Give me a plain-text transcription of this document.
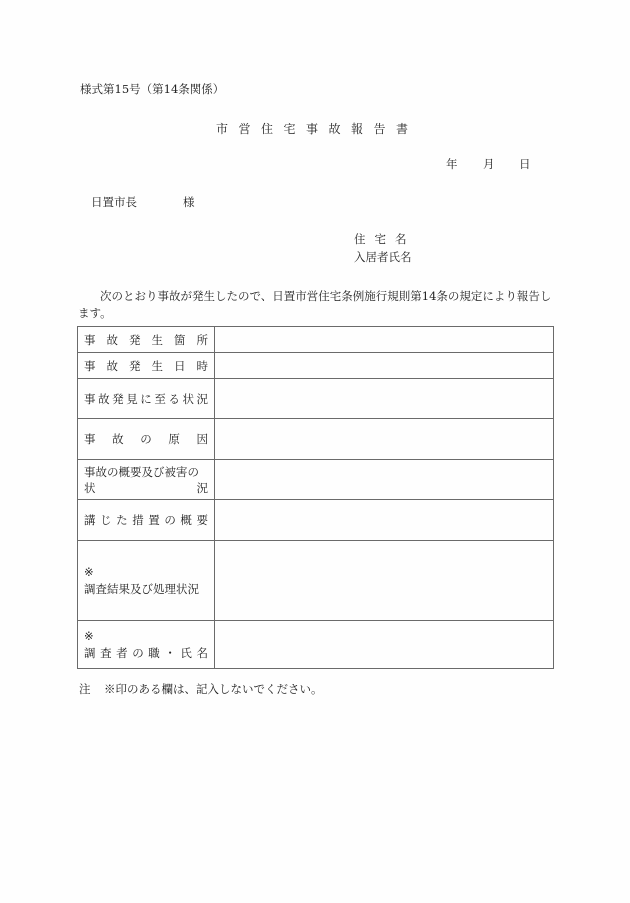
様式第15号（第14条関係）
市営住宅事故報告書
年	月	日
日置市長	様
住宅名
入居者氏名
次のとおり事故が発生したので、日置市営住宅条例施行規則第14条の規定により報告します。
事 故 発 生 箇 所

事 故 発 生 日 時

事 故 発 見 に 至 る 状 況

事 故 の 原 因	

事故の概要及び被害の
状 況	

講 じ た 措 置 の 概 要

※
調査結果及び処理状況	

※
調 査 者 の 職 ・ 氏 名

注 ※印のある欄は、記入しないでください。
